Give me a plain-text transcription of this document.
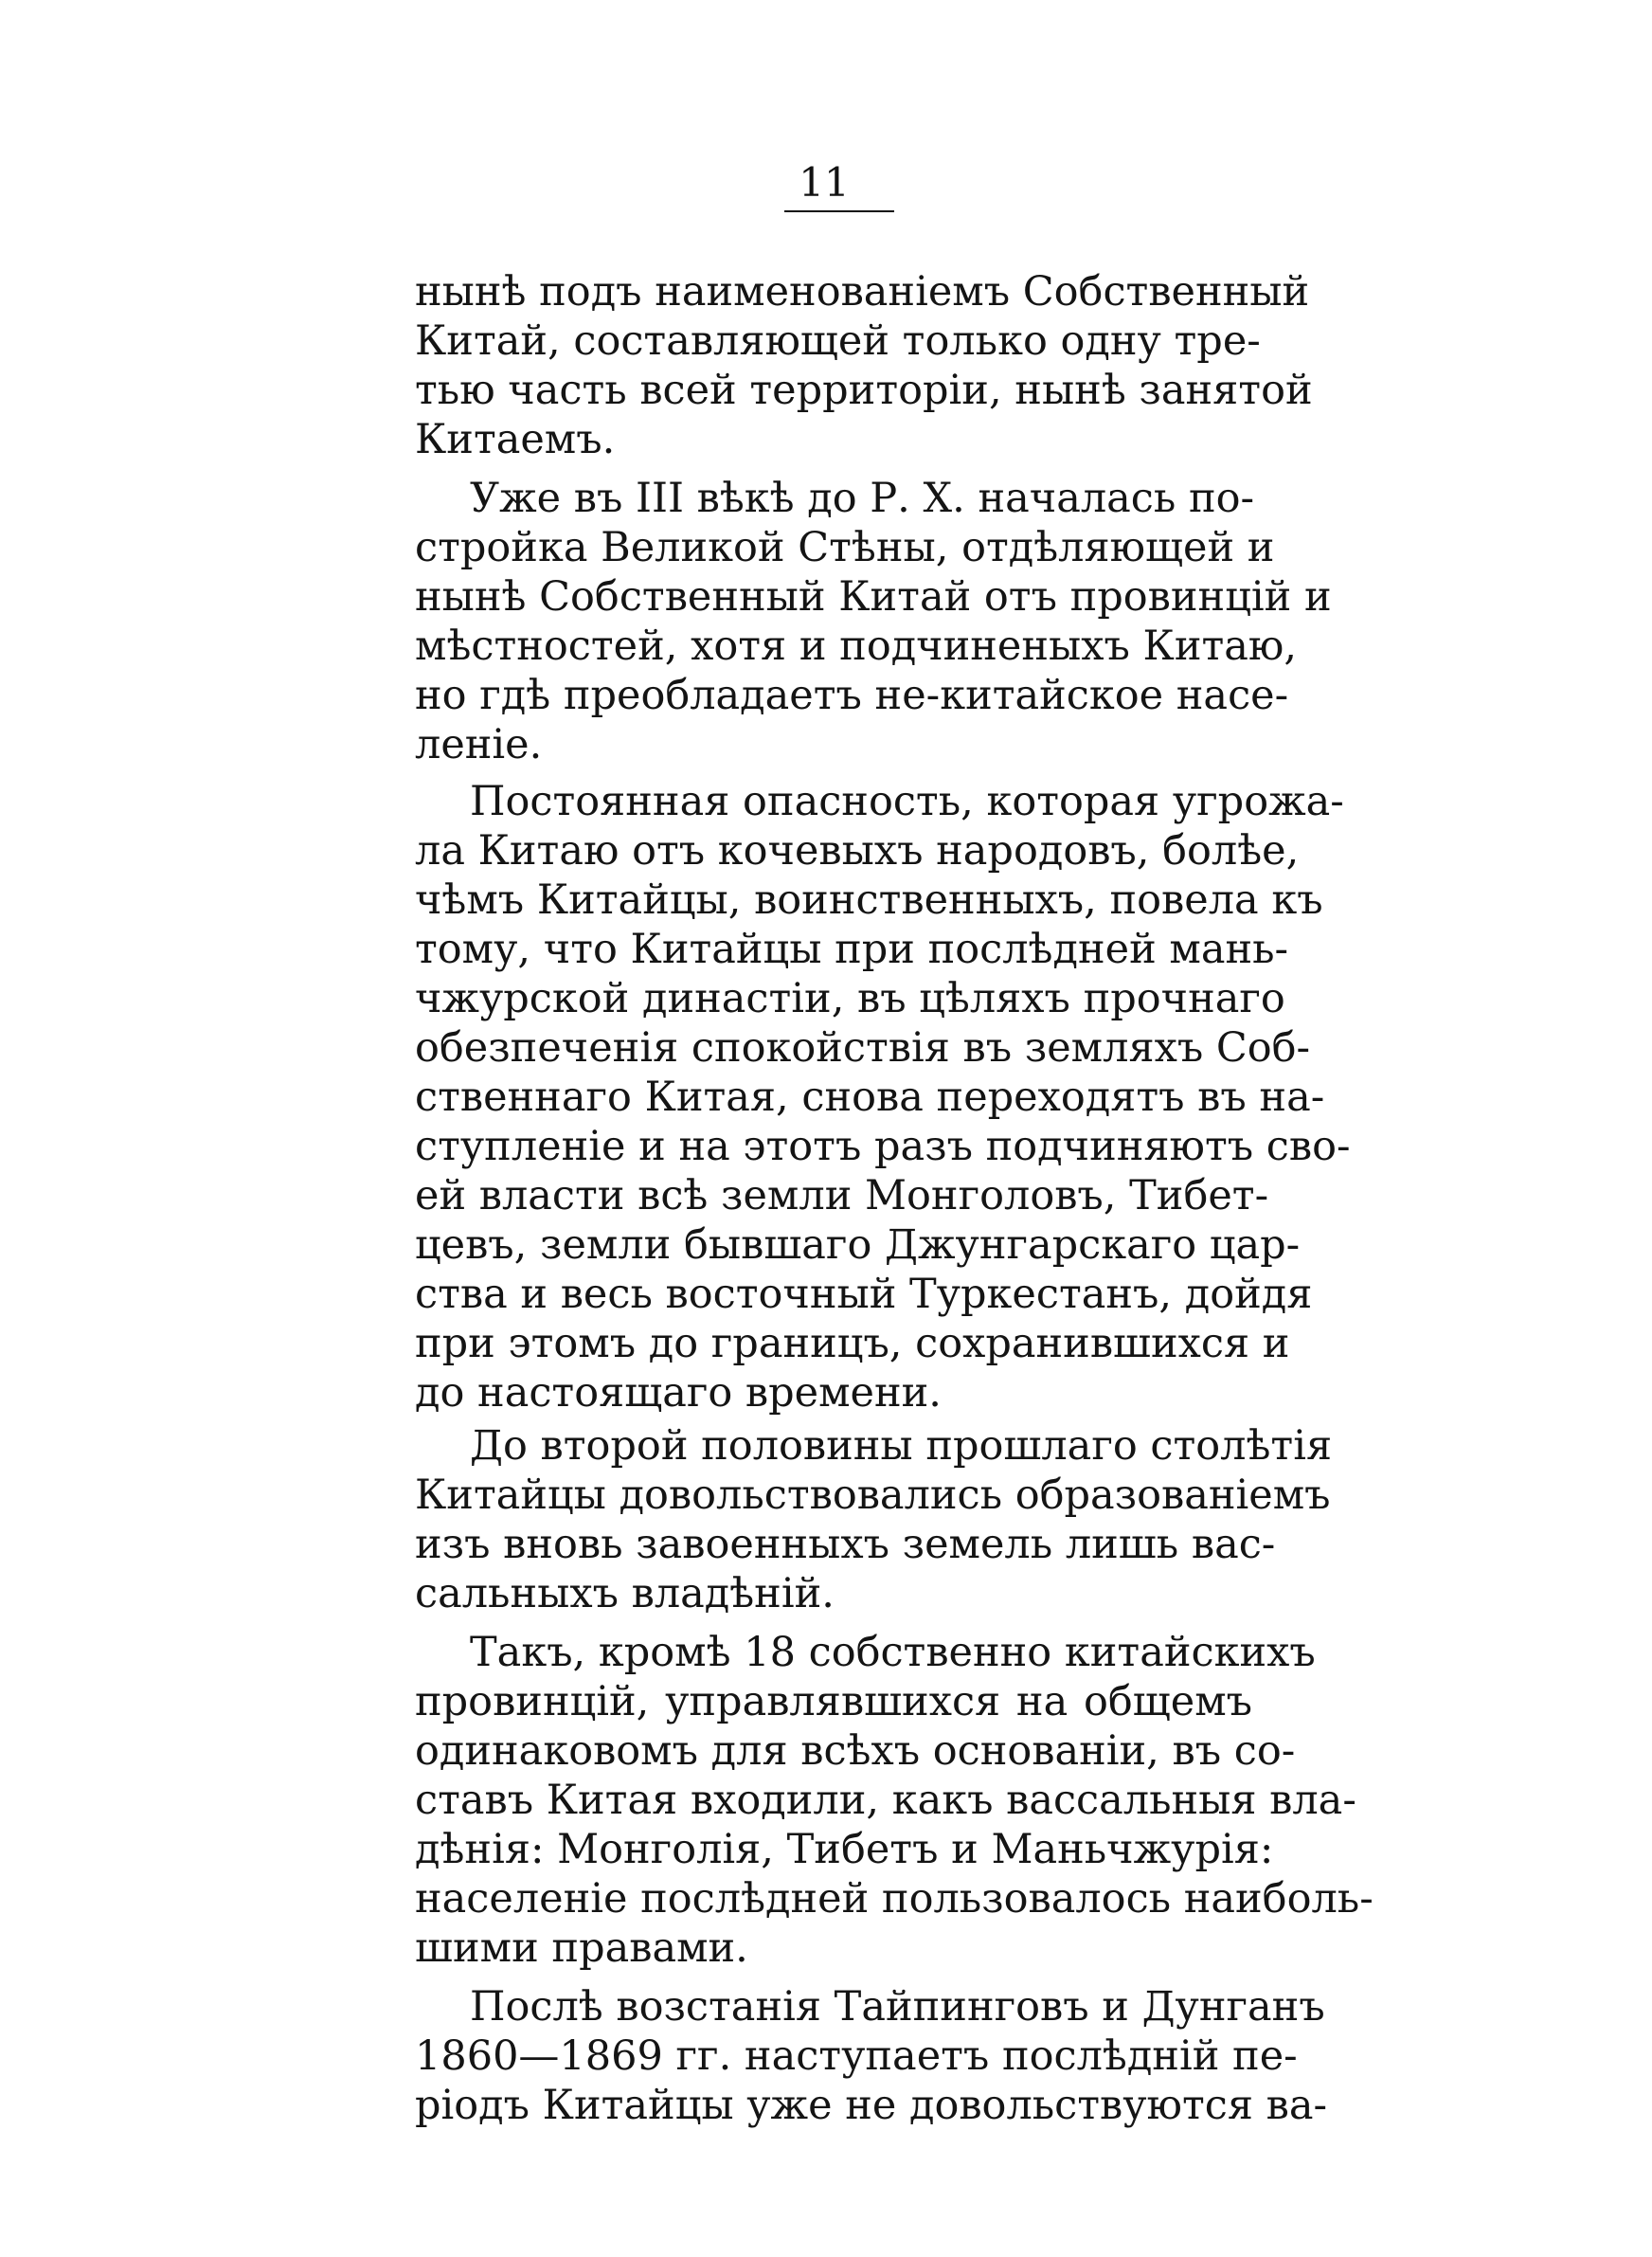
11
нынѣ подъ наименованіемъ Собственный
Китай, составляющей только одну тре-
тью часть всей территоріи, нынѣ занятой
Китаемъ.
Уже въ III вѣкѣ до Р. X. началась по-
стройка Великой Стѣны, отдѣляющей и
нынѣ Собственный Китай отъ провинцій и
мѣстностей, хотя и подчиненыхъ Китаю,
но гдѣ преобладаетъ не-китайское насе-
леніе.
Постоянная опасность, которая угрожа-
ла Китаю отъ кочевыхъ народовъ, болѣе,
чѣмъ Китайцы, воинственныхъ, повела къ
тому, что Китайцы при послѣдней мань-
чжурской династіи, въ цѣляхъ прочнаго
обезпеченія спокойствія въ земляхъ Соб-
ственнаго Китая, снова переходятъ въ на-
ступленіе и на этотъ разъ подчиняютъ сво-
ей власти всѣ земли Монголовъ, Тибет-
цевъ, земли бывшаго Джунгарскаго цар-
ства и весь восточный Туркестанъ, дойдя
при этомъ до границъ, сохранившихся и
до настоящаго времени.
До второй половины прошлаго столѣтія
Китайцы довольствовались образованіемъ
изъ вновь завоенныхъ земель лишь вас-
сальныхъ владѣній.
Такъ, кромѣ 18 собственно китайскихъ
провинцій, управлявшихся на общемъ
одинаковомъ для всѣхъ основаніи, въ со-
ставъ Китая входили, какъ вассальныя вла-
дѣнія: Монголія, Тибетъ и Маньчжурія:
населеніе послѣдней пользовалось наиболь-
шими правами.
Послѣ возстанія Тайпинговъ и Дунганъ
1860—1869 гг. наступаетъ послѣдній пе-
ріодъ Китайцы уже не довольствуются ва-
